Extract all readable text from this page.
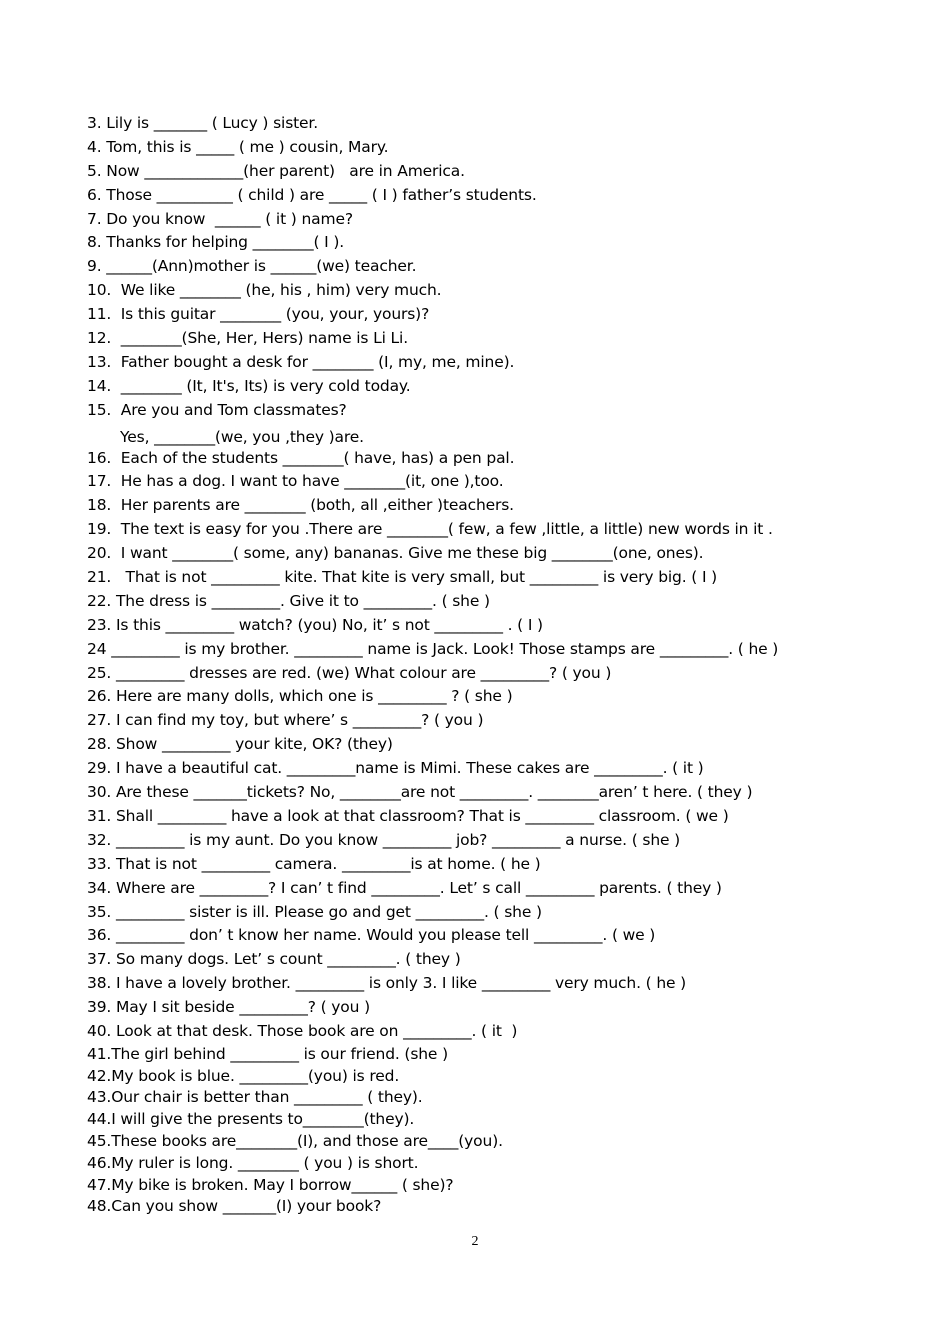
3. Lily is _______ ( Lucy ) sister.
4. Tom, this is _____ ( me ) cousin, Mary.
5. Now _____________(her parent)   are in America.
6. Those __________ ( child ) are _____ ( I ) father’s students.
7. Do you know  ______ ( it ) name?
8. Thanks for helping ________( I ).
9. ______(Ann)mother is ______(we) teacher.
10.  We like ________ (he, his , him) very much.
11.  Is this guitar ________ (you, your, yours)?
12.  ________(She, Her, Hers) name is Li Li.
13.  Father bought a desk for ________ (I, my, me, mine).
14.  ________ (It, It's, Its) is very cold today.
15.  Are you and Tom classmates?
Yes, ________(we, you ,they )are.
16.  Each of the students ________( have, has) a pen pal.
17.  He has a dog. I want to have ________(it, one ),too.
18.  Her parents are ________ (both, all ,either )teachers.
19.  The text is easy for you .There are ________( few, a few ,little, a little) new words in it .
20.  I want ________( some, any) bananas. Give me these big ________(one, ones).
21.   That is not _________ kite. That kite is very small, but _________ is very big. ( I )
22. The dress is _________. Give it to _________. ( she )
23. Is this _________ watch? (you) No, it’ s not _________ . ( I )
24 _________ is my brother. _________ name is Jack. Look! Those stamps are _________. ( he )
25. _________ dresses are red. (we) What colour are _________? ( you )
26. Here are many dolls, which one is _________ ? ( she )
27. I can find my toy, but where’ s _________? ( you )
28. Show _________ your kite, OK? (they)
29. I have a beautiful cat. _________name is Mimi. These cakes are _________. ( it )
30. Are these _______tickets? No, ________are not _________. ________aren’ t here. ( they )
31. Shall _________ have a look at that classroom? That is _________ classroom. ( we )
32. _________ is my aunt. Do you know _________ job? _________ a nurse. ( she )
33. That is not _________ camera. _________is at home. ( he )
34. Where are _________? I can’ t find _________. Let’ s call _________ parents. ( they )
35. _________ sister is ill. Please go and get _________. ( she )
36. _________ don’ t know her name. Would you please tell _________. ( we )
37. So many dogs. Let’ s count _________. ( they )
38. I have a lovely brother. _________ is only 3. I like _________ very much. ( he )
39. May I sit beside _________? ( you )
40. Look at that desk. Those book are on _________. ( it  )
41.The girl behind _________ is our friend. (she )
42.My book is blue. _________(you) is red.
43.Our chair is better than _________ ( they).
44.I will give the presents to________(they).
45.These books are________(I), and those are____(you).
46.My ruler is long. ________ ( you ) is short.
47.My bike is broken. May I borrow______ ( she)?
48.Can you show _______(I) your book?
2
